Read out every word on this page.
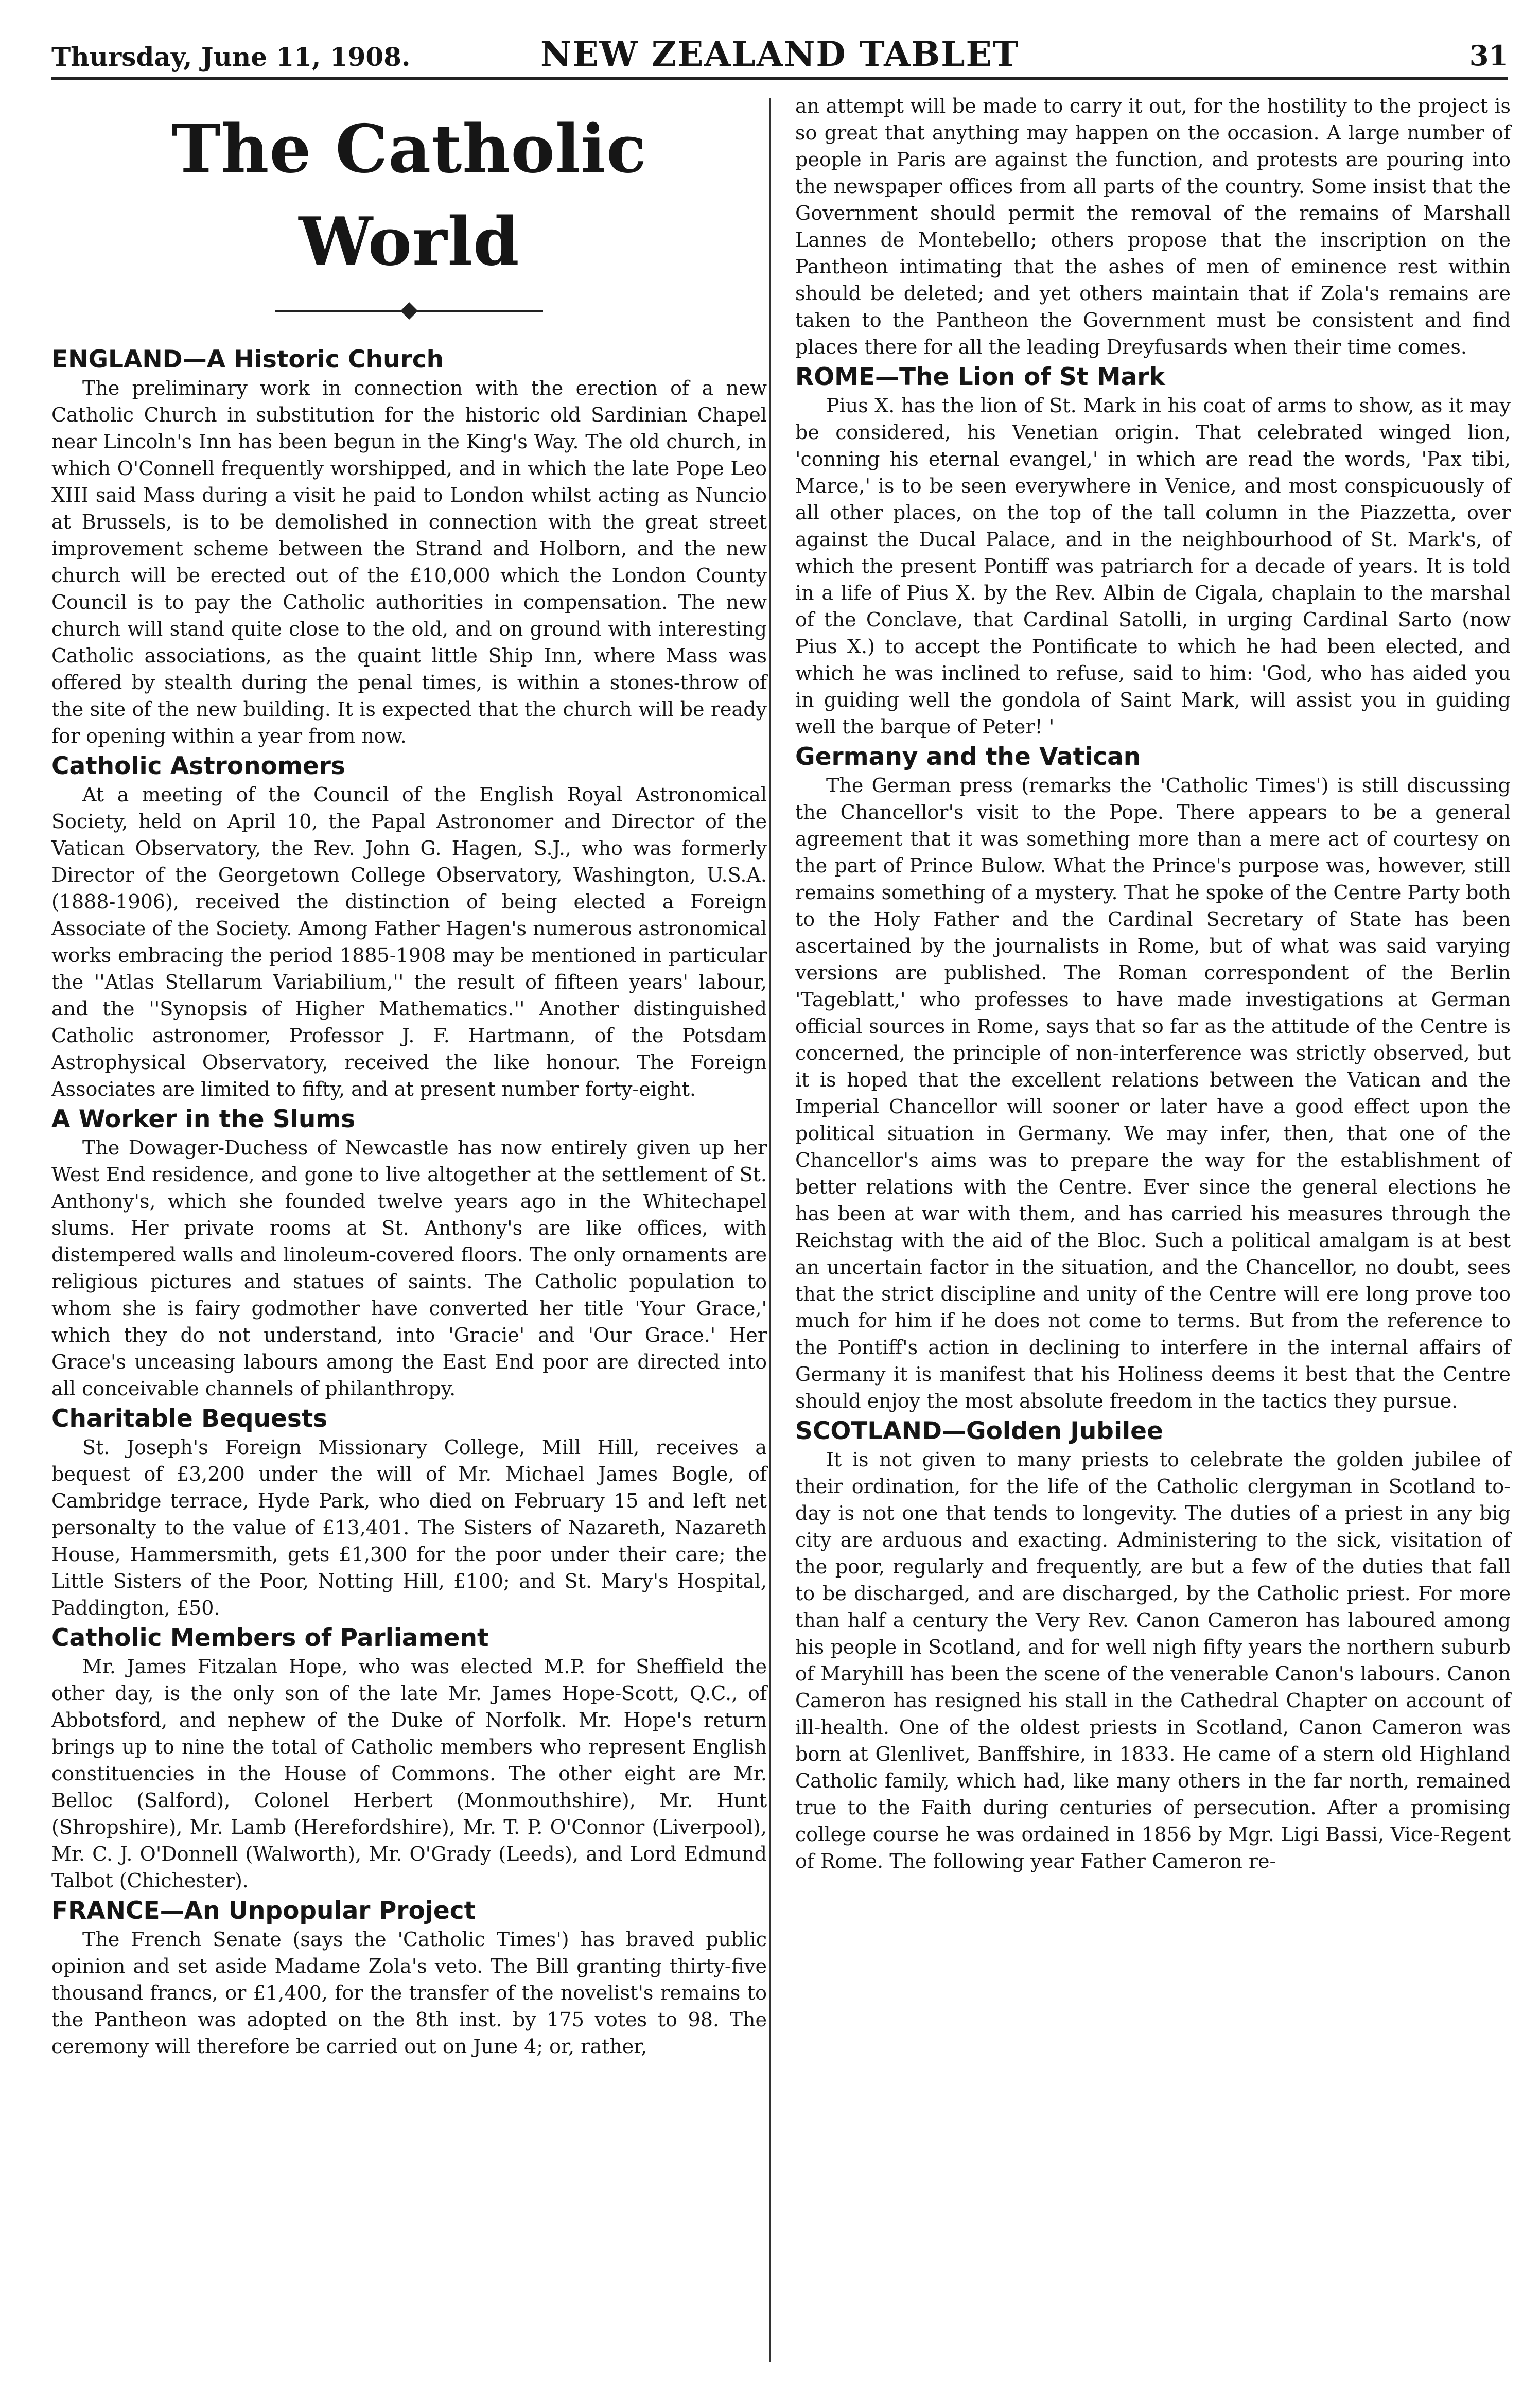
Thursday, June 11, 1908.	NEW ZEALAND TABLET	31
The Catholic World
ENGLAND—A Historic Church

The preliminary work in connection with the erection of a new Catholic Church in substitution for the historic old Sardinian Chapel near Lincoln's Inn has been begun in the King's Way. The old church, in which O'Connell frequently worshipped, and in which the late Pope Leo XIII said Mass during a visit he paid to London whilst acting as Nuncio at Brussels, is to be demolished in connection with the great street improvement scheme between the Strand and Holborn, and the new church will be erected out of the £10,000 which the London County Council is to pay the Catholic authorities in compensation. The new church will stand quite close to the old, and on ground with interesting Catholic associations, as the quaint little Ship Inn, where Mass was offered by stealth during the penal times, is within a stones-throw of the site of the new building. It is expected that the church will be ready for opening within a year from now.

Catholic Astronomers

At a meeting of the Council of the English Royal Astronomical Society, held on April 10, the Papal Astronomer and Director of the Vatican Observatory, the Rev. John G. Hagen, S.J., who was formerly Director of the Georgetown College Observatory, Washington, U.S.A. (1888-1906), received the distinction of being elected a Foreign Associate of the Society. Among Father Hagen's numerous astronomical works embracing the period 1885-1908 may be mentioned in particular the ''Atlas Stellarum Variabilium,'' the result of fifteen years' labour, and the ''Synopsis of Higher Mathematics.'' Another distinguished Catholic astronomer, Professor J. F. Hartmann, of the Potsdam Astrophysical Observatory, received the like honour. The Foreign Associates are limited to fifty, and at present number forty-eight.

A Worker in the Slums

The Dowager-Duchess of Newcastle has now entirely given up her West End residence, and gone to live altogether at the settlement of St. Anthony's, which she founded twelve years ago in the Whitechapel slums. Her private rooms at St. Anthony's are like offices, with distempered walls and linoleum-covered floors. The only ornaments are religious pictures and statues of saints. The Catholic population to whom she is fairy godmother have converted her title 'Your Grace,' which they do not understand, into 'Gracie' and 'Our Grace.' Her Grace's unceasing labours among the East End poor are directed into all conceivable channels of philanthropy.

Charitable Bequests

St. Joseph's Foreign Missionary College, Mill Hill, receives a bequest of £3,200 under the will of Mr. Michael James Bogle, of Cambridge terrace, Hyde Park, who died on February 15 and left net personalty to the value of £13,401. The Sisters of Nazareth, Nazareth House, Hammersmith, gets £1,300 for the poor under their care; the Little Sisters of the Poor, Notting Hill, £100; and St. Mary's Hospital, Paddington, £50.

Catholic Members of Parliament

Mr. James Fitzalan Hope, who was elected M.P. for Sheffield the other day, is the only son of the late Mr. James Hope-Scott, Q.C., of Abbotsford, and nephew of the Duke of Norfolk. Mr. Hope's return brings up to nine the total of Catholic members who represent English constituencies in the House of Commons. The other eight are Mr. Belloc (Salford), Colonel Herbert (Monmouthshire), Mr. Hunt (Shropshire), Mr. Lamb (Herefordshire), Mr. T. P. O'Connor (Liverpool), Mr. C. J. O'Donnell (Walworth), Mr. O'Grady (Leeds), and Lord Edmund Talbot (Chichester).

FRANCE—An Unpopular Project

The French Senate (says the 'Catholic Times') has braved public opinion and set aside Madame Zola's veto. The Bill granting thirty-five thousand francs, or £1,400, for the transfer of the novelist's remains to the Pantheon was adopted on the 8th inst. by 175 votes to 98. The ceremony will therefore be carried out on June 4; or, rather,

an attempt will be made to carry it out, for the hostility to the project is so great that anything may happen on the occasion. A large number of people in Paris are against the function, and protests are pouring into the newspaper offices from all parts of the country. Some insist that the Government should permit the removal of the remains of Marshall Lannes de Montebello; others propose that the inscription on the Pantheon intimating that the ashes of men of eminence rest within should be deleted; and yet others maintain that if Zola's remains are taken to the Pantheon the Government must be consistent and find places there for all the leading Dreyfusards when their time comes.

ROME—The Lion of St Mark

Pius X. has the lion of St. Mark in his coat of arms to show, as it may be considered, his Venetian origin. That celebrated winged lion, 'conning his eternal evangel,' in which are read the words, 'Pax tibi, Marce,' is to be seen everywhere in Venice, and most conspicuously of all other places, on the top of the tall column in the Piazzetta, over against the Ducal Palace, and in the neighbourhood of St. Mark's, of which the present Pontiff was patriarch for a decade of years. It is told in a life of Pius X. by the Rev. Albin de Cigala, chaplain to the marshal of the Conclave, that Cardinal Satolli, in urging Cardinal Sarto (now Pius X.) to accept the Pontificate to which he had been elected, and which he was inclined to refuse, said to him: 'God, who has aided you in guiding well the gondola of Saint Mark, will assist you in guiding well the barque of Peter! '

Germany and the Vatican

The German press (remarks the 'Catholic Times') is still discussing the Chancellor's visit to the Pope. There appears to be a general agreement that it was something more than a mere act of courtesy on the part of Prince Bulow. What the Prince's purpose was, however, still remains something of a mystery. That he spoke of the Centre Party both to the Holy Father and the Cardinal Secretary of State has been ascertained by the journalists in Rome, but of what was said varying versions are published. The Roman correspondent of the Berlin 'Tageblatt,' who professes to have made investigations at German official sources in Rome, says that so far as the attitude of the Centre is concerned, the principle of non-interference was strictly observed, but it is hoped that the excellent relations between the Vatican and the Imperial Chancellor will sooner or later have a good effect upon the political situation in Germany. We may infer, then, that one of the Chancellor's aims was to prepare the way for the establishment of better relations with the Centre. Ever since the general elections he has been at war with them, and has carried his measures through the Reichstag with the aid of the Bloc. Such a political amalgam is at best an uncertain factor in the situation, and the Chancellor, no doubt, sees that the strict discipline and unity of the Centre will ere long prove too much for him if he does not come to terms. But from the reference to the Pontiff's action in declining to interfere in the internal affairs of Germany it is manifest that his Holiness deems it best that the Centre should enjoy the most absolute freedom in the tactics they pursue.

SCOTLAND—Golden Jubilee

It is not given to many priests to celebrate the golden jubilee of their ordination, for the life of the Catholic clergyman in Scotland to-day is not one that tends to longevity. The duties of a priest in any big city are arduous and exacting. Administering to the sick, visitation of the poor, regularly and frequently, are but a few of the duties that fall to be discharged, and are discharged, by the Catholic priest. For more than half a century the Very Rev. Canon Cameron has laboured among his people in Scotland, and for well nigh fifty years the northern suburb of Maryhill has been the scene of the venerable Canon's labours. Canon Cameron has resigned his stall in the Cathedral Chapter on account of ill-health. One of the oldest priests in Scotland, Canon Cameron was born at Glenlivet, Banffshire, in 1833. He came of a stern old Highland Catholic family, which had, like many others in the far north, remained true to the Faith during centuries of persecution. After a promising college course he was ordained in 1856 by Mgr. Ligi Bassi, Vice-Regent of Rome. The following year Father Cameron re-
